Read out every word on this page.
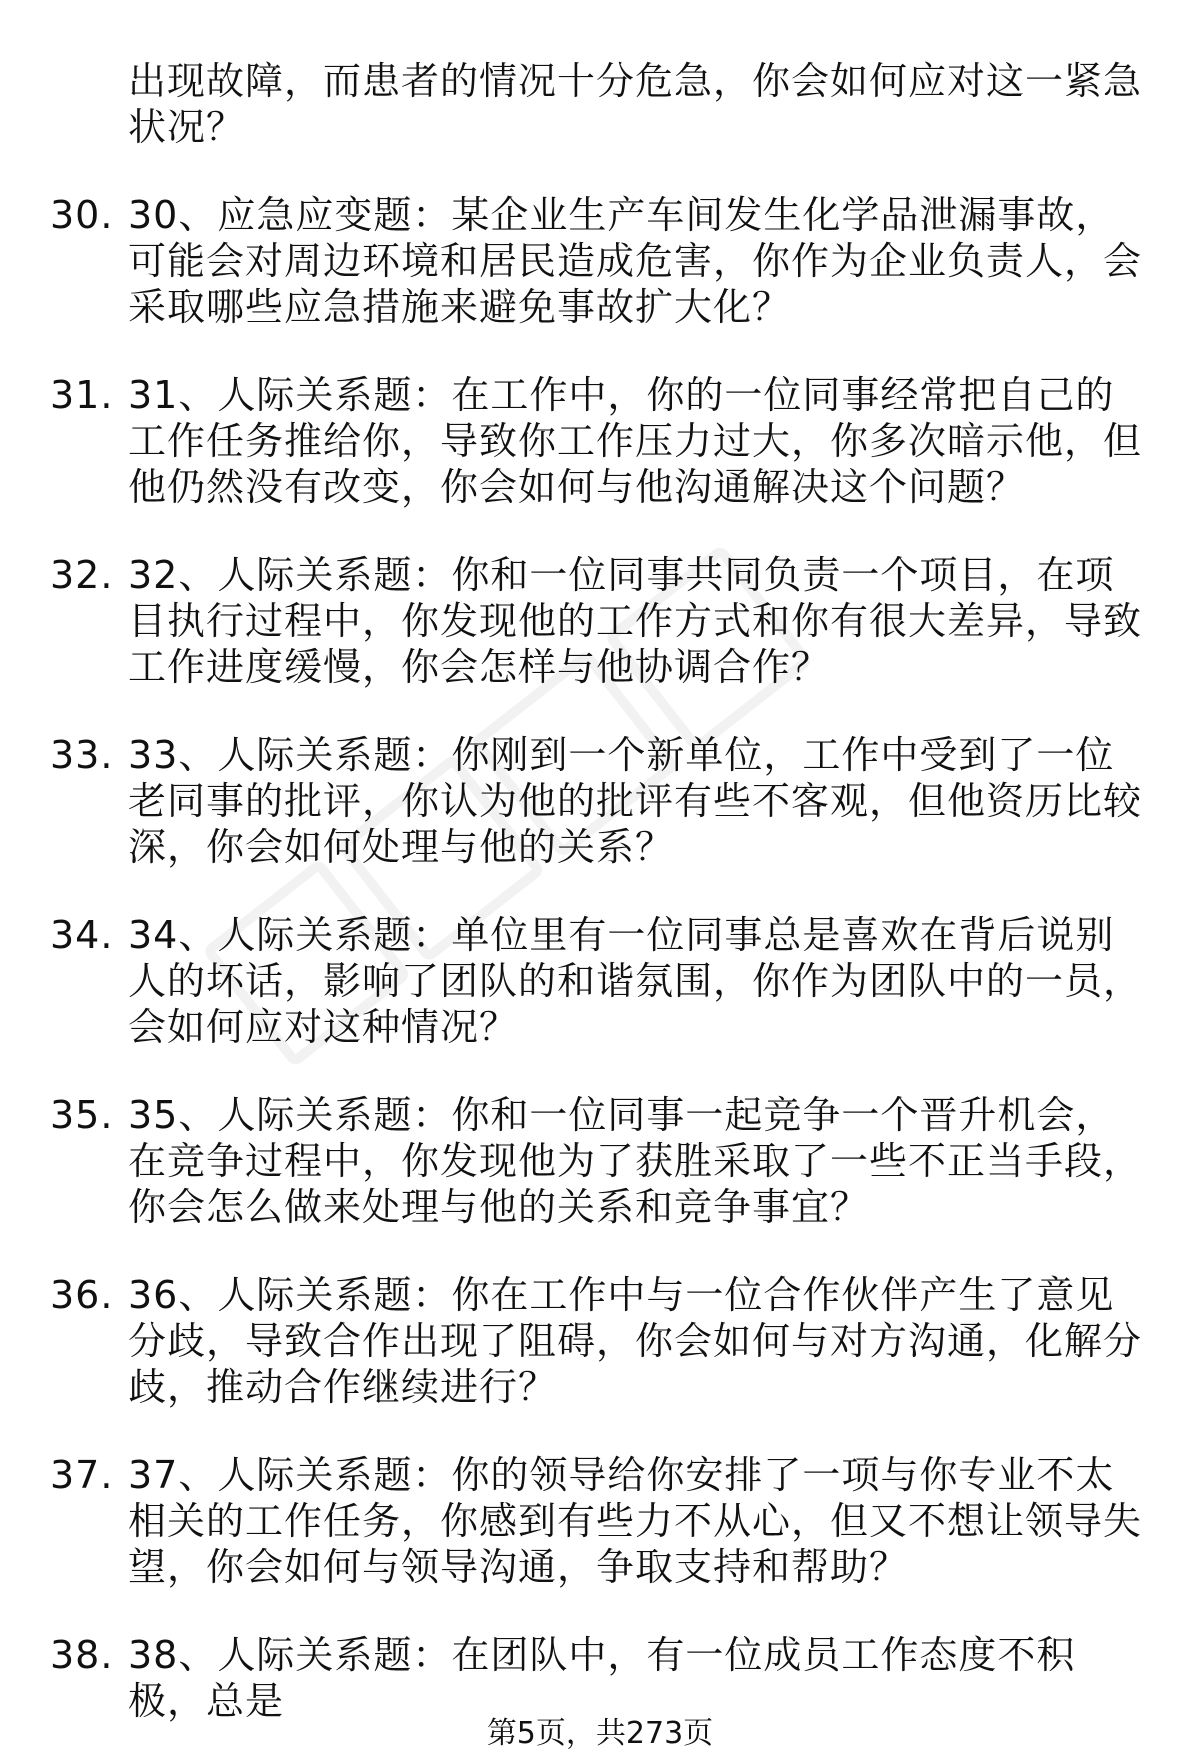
出现故障，而患者的情况十分危急，你会如何应对这一紧急状况？
30. 30、应急应变题：某企业生产车间发生化学品泄漏事故，可能会对周边环境和居民造成危害，你作为企业负责人，会采取哪些应急措施来避免事故扩大化？
31. 31、人际关系题：在工作中，你的一位同事经常把自己的工作任务推给你，导致你工作压力过大，你多次暗示他，但他仍然没有改变，你会如何与他沟通解决这个问题？
32. 32、人际关系题：你和一位同事共同负责一个项目，在项目执行过程中，你发现他的工作方式和你有很大差异，导致工作进度缓慢，你会怎样与他协调合作？
33. 33、人际关系题：你刚到一个新单位，工作中受到了一位老同事的批评，你认为他的批评有些不客观，但他资历比较深，你会如何处理与他的关系？
34. 34、人际关系题：单位里有一位同事总是喜欢在背后说别人的坏话，影响了团队的和谐氛围，你作为团队中的一员，会如何应对这种情况？
35. 35、人际关系题：你和一位同事一起竞争一个晋升机会，在竞争过程中，你发现他为了获胜采取了一些不正当手段，你会怎么做来处理与他的关系和竞争事宜？
36. 36、人际关系题：你在工作中与一位合作伙伴产生了意见分歧，导致合作出现了阻碍，你会如何与对方沟通，化解分歧，推动合作继续进行？
37. 37、人际关系题：你的领导给你安排了一项与你专业不太相关的工作任务，你感到有些力不从心，但又不想让领导失望，你会如何与领导沟通，争取支持和帮助？
38. 38、人际关系题：在团队中，有一位成员工作态度不积极，总是
第5页，共273页
